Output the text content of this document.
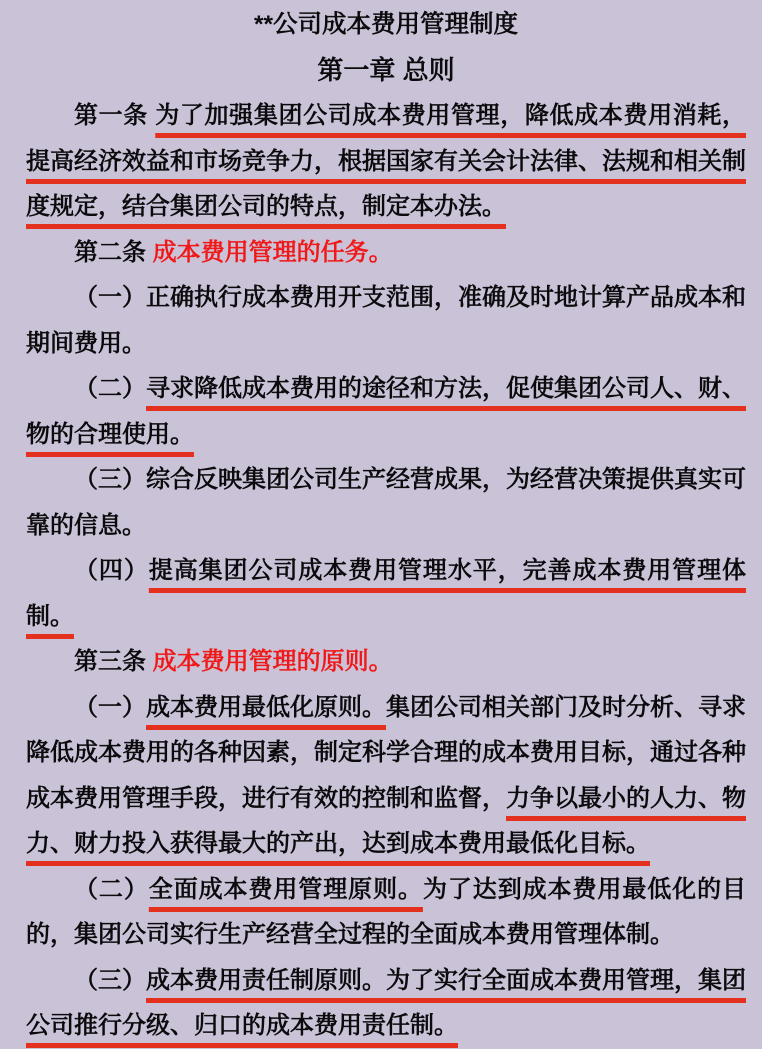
**公司成本费用管理制度
第一章 总则

第一条 为了加强集团公司成本费用管理，降低成本费用消耗，提高经济效益和市场竞争力，根据国家有关会计法律、法规和相关制度规定，结合集团公司的特点，制定本办法。

第二条 成本费用管理的任务。

（一）正确执行成本费用开支范围，准确及时地计算产品成本和期间费用。

（二）寻求降低成本费用的途径和方法，促使集团公司人、财、物的合理使用。

（三）综合反映集团公司生产经营成果，为经营决策提供真实可靠的信息。

（四）提高集团公司成本费用管理水平，完善成本费用管理体制。

第三条 成本费用管理的原则。

（一）成本费用最低化原则。集团公司相关部门及时分析、寻求降低成本费用的各种因素，制定科学合理的成本费用目标，通过各种成本费用管理手段，进行有效的控制和监督，力争以最小的人力、物力、财力投入获得最大的产出，达到成本费用最低化目标。

（二）全面成本费用管理原则。为了达到成本费用最低化的目的，集团公司实行生产经营全过程的全面成本费用管理体制。

（三）成本费用责任制原则。为了实行全面成本费用管理，集团公司推行分级、归口的成本费用责任制。
